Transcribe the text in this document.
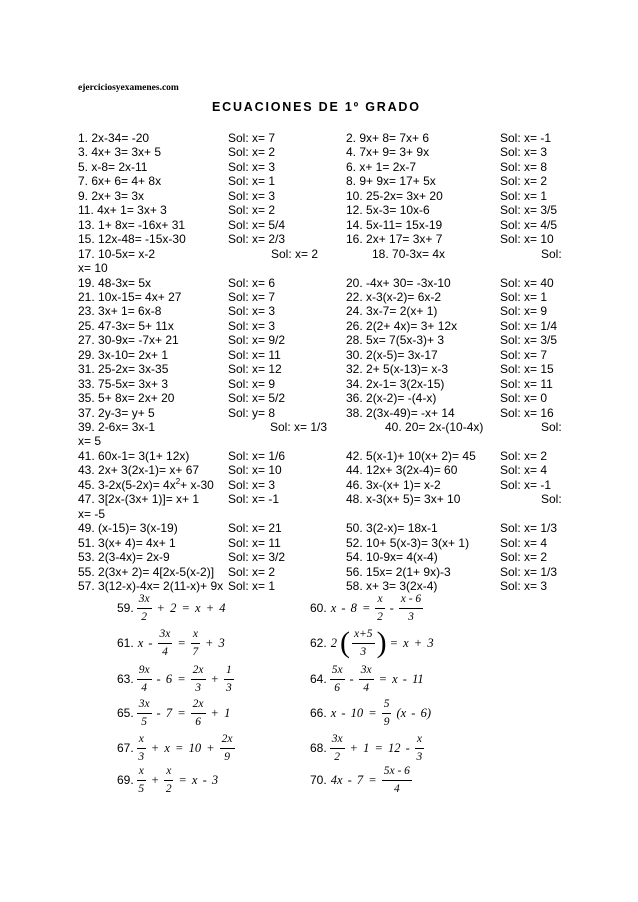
ejerciciosyexamenes.com
ECUACIONES DE 1º GRADO
1. 2x-34= -20	Sol: x= 7	2. 9x+ 8= 7x+ 6	Sol: x= -1
3. 4x+ 3= 3x+ 5	Sol: x= 2	4. 7x+ 9= 3+ 9x	Sol: x= 3
5. x-8= 2x-11	Sol: x= 3	6. x+ 1= 2x-7	Sol: x= 8
7. 6x+ 6= 4+ 8x	Sol: x= 1	8. 9+ 9x= 17+ 5x	Sol: x= 2
9. 2x+ 3= 3x	Sol: x= 3	10. 25-2x= 3x+ 20	Sol: x= 1
11. 4x+ 1= 3x+ 3	Sol: x= 2	12. 5x-3= 10x-6	Sol: x= 3/5
13. 1+ 8x= -16x+ 31	Sol: x= 5/4	14. 5x-11= 15x-19	Sol: x= 4/5
15. 12x-48= -15x-30	Sol: x= 2/3	16. 2x+ 17= 3x+ 7	Sol: x= 10
17. 10-5x= x-2	Sol: x= 2	18. 70-3x= 4x	Sol:
x= 10
19. 48-3x= 5x	Sol: x= 6	20. -4x+ 30= -3x-10	Sol: x= 40
21. 10x-15= 4x+ 27	Sol: x= 7	22. x-3(x-2)= 6x-2	Sol: x= 1
23. 3x+ 1= 6x-8	Sol: x= 3	24. 3x-7= 2(x+ 1)	Sol: x= 9
25. 47-3x= 5+ 11x	Sol: x= 3	26. 2(2+ 4x)= 3+ 12x	Sol: x= 1/4
27. 30-9x= -7x+ 21	Sol: x= 9/2	28. 5x= 7(5x-3)+ 3	Sol: x= 3/5
29. 3x-10= 2x+ 1	Sol: x= 11	30. 2(x-5)= 3x-17	Sol: x= 7
31. 25-2x= 3x-35	Sol: x= 12	32. 2+ 5(x-13)= x-3	Sol: x= 15
33. 75-5x= 3x+ 3	Sol: x= 9	34. 2x-1= 3(2x-15)	Sol: x= 11
35. 5+ 8x= 2x+ 20	Sol: x= 5/2	36. 2(x-2)= -(4-x)	Sol: x= 0
37. 2y-3= y+ 5	Sol: y= 8	38. 2(3x-49)= -x+ 14	Sol: x= 16
39. 2-6x= 3x-1	Sol: x= 1/3	40. 20= 2x-(10-4x)	Sol:
x= 5
41. 60x-1= 3(1+ 12x)	Sol: x= 1/6	42. 5(x-1)+ 10(x+ 2)= 45 Sol: x= 2
43. 2x+ 3(2x-1)= x+ 67 Sol: x= 10	44. 12x+ 3(2x-4)= 60	Sol: x= 4
45. $3-2x(5-2x)= 4x^2+ x-30$ Sol: x= 3	46. 3x-(x+ 1)= x-2	Sol: x= -1
47. 3[2x-(3x+ 1)]= x+ 1 Sol: x= -1	48. x-3(x+ 5)= 3x+ 10	Sol:
x= -5
49. (x-15)= 3(x-19)	Sol: x= 21	50. 3(2-x)= 18x-1	Sol: x= 1/3
51. 3(x+ 4)= 4x+ 1	Sol: x= 11	52. 10+ 5(x-3)= 3(x+ 1)	Sol: x= 4
53. 2(3-4x)= 2x-9	Sol: x= 3/2	54. 10-9x= 4(x-4)	Sol: x= 2
55. 2(3x+ 2)= 4[2x-5(x-2)] Sol: x= 2	56. 15x= 2(1+ 9x)-3	Sol: x= 1/3
57. 3(12-x)-4x= 2(11-x)+ 9x Sol: x= 1	58. x+ 3= 3(2x-4)	Sol: x= 3
59. $\frac{3x}{2} + 2 = x + 4$	60. $x - 8 = \frac{x}{2} - \frac{x - 6}{3}$
61. $x - \frac{3x}{4} = \frac{x}{7} + 3$	62. 2 ( $\frac{x+5}{3}$ ) = x + 3
63. $\frac{9x}{4} - 6 = \frac{2x}{3} + \frac{1}{3}$	64. $\frac{5x}{6} - \frac{3x}{4} = x - 11$
65. $\frac{3x}{5} - 7 = \frac{2x}{6} + 1$	66. $x - 10 = \frac{5}{9} (x - 6)$
67. $\frac{x}{3} + x = 10 + \frac{2x}{9}$	68. $\frac{3x}{2} + 1 = 12 - \frac{x}{3}$
69. $\frac{x}{5} + \frac{x}{2} = x - 3$	70. $4x - 7 = \frac{5x - 6}{4}$
